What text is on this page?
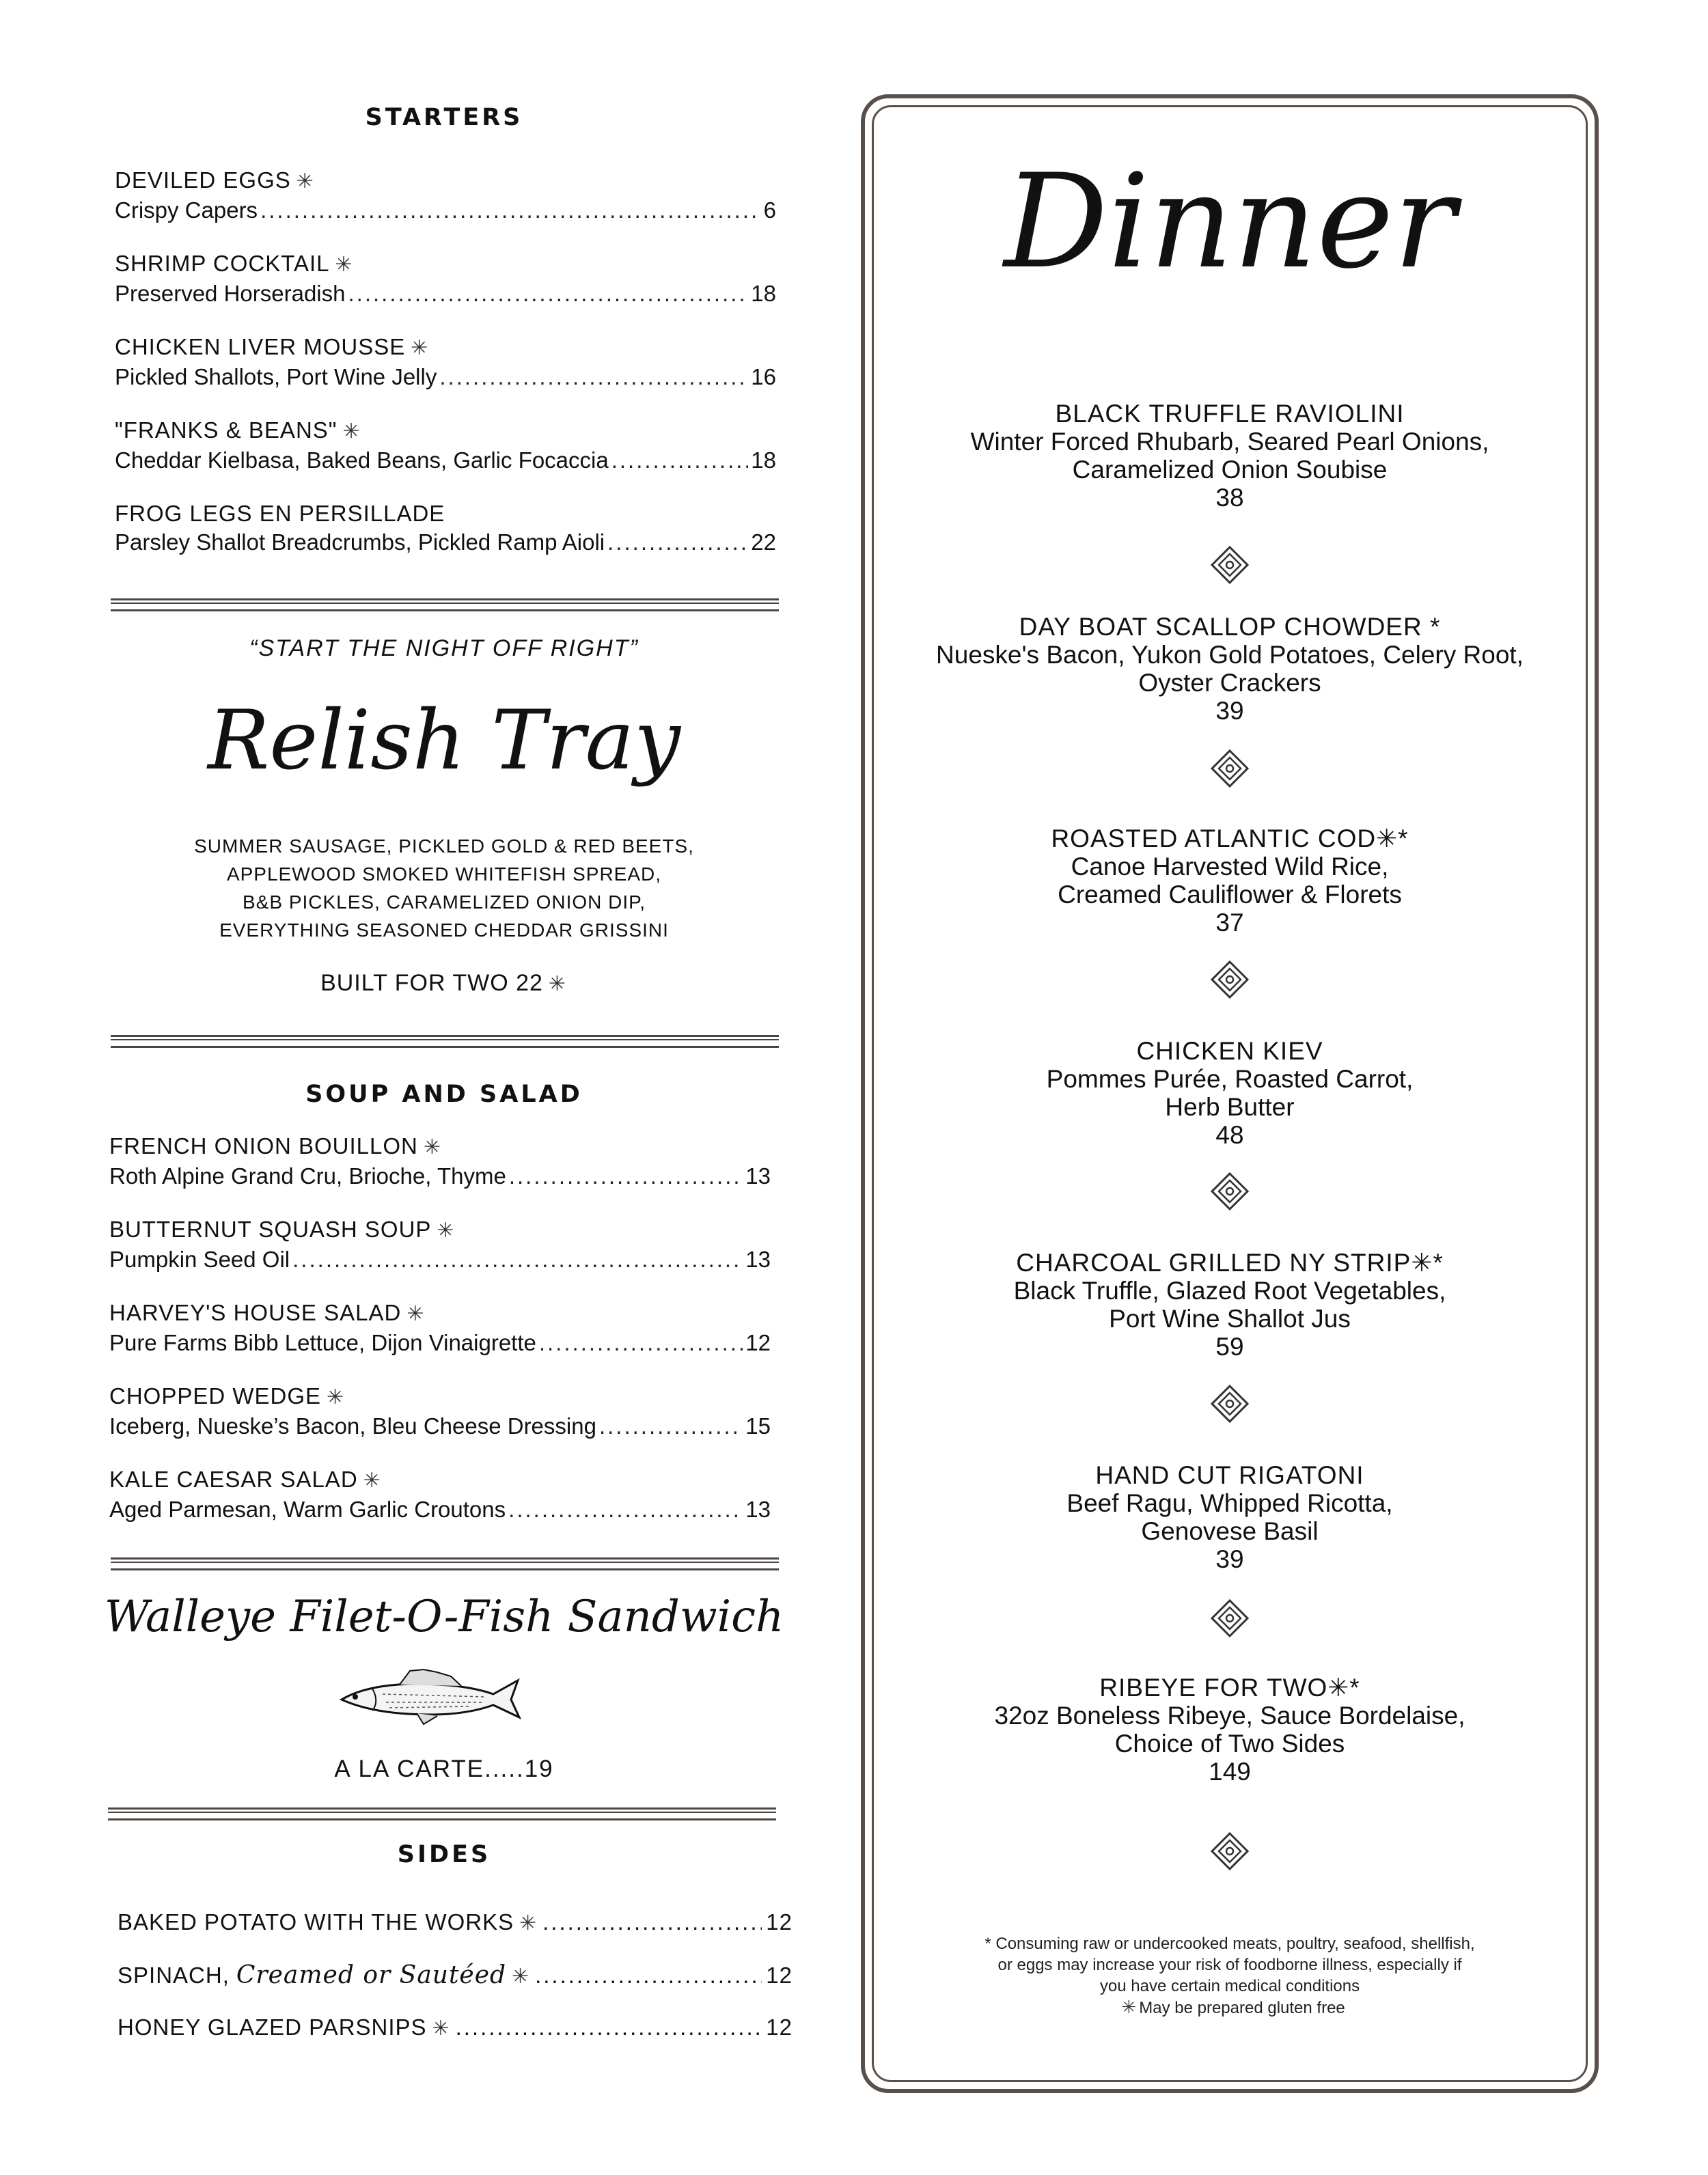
STARTERS
DEVILED EGGS ✳
Crispy Capers .....	6
SHRIMP COCKTAIL ✳
Preserved Horseradish .....	18
CHICKEN LIVER MOUSSE ✳
Pickled Shallots, Port Wine Jelly .....	16
"FRANKS & BEANS" ✳
Cheddar Kielbasa, Baked Beans, Garlic Focaccia .....	18
FROG LEGS EN PERSILLADE
Parsley Shallot Breadcrumbs, Pickled Ramp Aioli .....	22
“START THE NIGHT OFF RIGHT”
Relish Tray
SUMMER SAUSAGE, PICKLED GOLD & RED BEETS,
APPLEWOOD SMOKED WHITEFISH SPREAD,
B&B PICKLES, CARAMELIZED ONION DIP,
EVERYTHING SEASONED CHEDDAR GRISSINI
BUILT FOR TWO 22 ✳
SOUP AND SALAD
FRENCH ONION BOUILLON ✳
Roth Alpine Grand Cru, Brioche, Thyme .....	13
BUTTERNUT SQUASH SOUP ✳
Pumpkin Seed Oil .....	13
HARVEY'S HOUSE SALAD ✳
Pure Farms Bibb Lettuce, Dijon Vinaigrette .....	12
CHOPPED WEDGE ✳
Iceberg, Nueske’s Bacon, Bleu Cheese Dressing .....	15
KALE CAESAR SALAD ✳
Aged Parmesan, Warm Garlic Croutons .....	13
Walleye Filet-O-Fish Sandwich
A LA CARTE.....19
SIDES
BAKED POTATO WITH THE WORKS ✳ .....	12
SPINACH, Creamed or Sautéed ✳ .....	12
HONEY GLAZED PARSNIPS ✳ .....	12
Dinner
BLACK TRUFFLE RAVIOLINI
Winter Forced Rhubarb, Seared Pearl Onions,
Caramelized Onion Soubise
38
DAY BOAT SCALLOP CHOWDER *
Nueske's Bacon, Yukon Gold Potatoes, Celery Root,
Oyster Crackers
39
ROASTED ATLANTIC COD✳*
Canoe Harvested Wild Rice,
Creamed Cauliflower & Florets
37
CHICKEN KIEV
Pommes Purée, Roasted Carrot,
Herb Butter
48
CHARCOAL GRILLED NY STRIP✳*
Black Truffle, Glazed Root Vegetables,
Port Wine Shallot Jus
59
HAND CUT RIGATONI
Beef Ragu, Whipped Ricotta,
Genovese Basil
39
RIBEYE FOR TWO✳*
32oz Boneless Ribeye, Sauce Bordelaise,
Choice of Two Sides
149
* Consuming raw or undercooked meats, poultry, seafood, shellfish,
or eggs may increase your risk of foodborne illness, especially if
you have certain medical conditions
✳ May be prepared gluten free
